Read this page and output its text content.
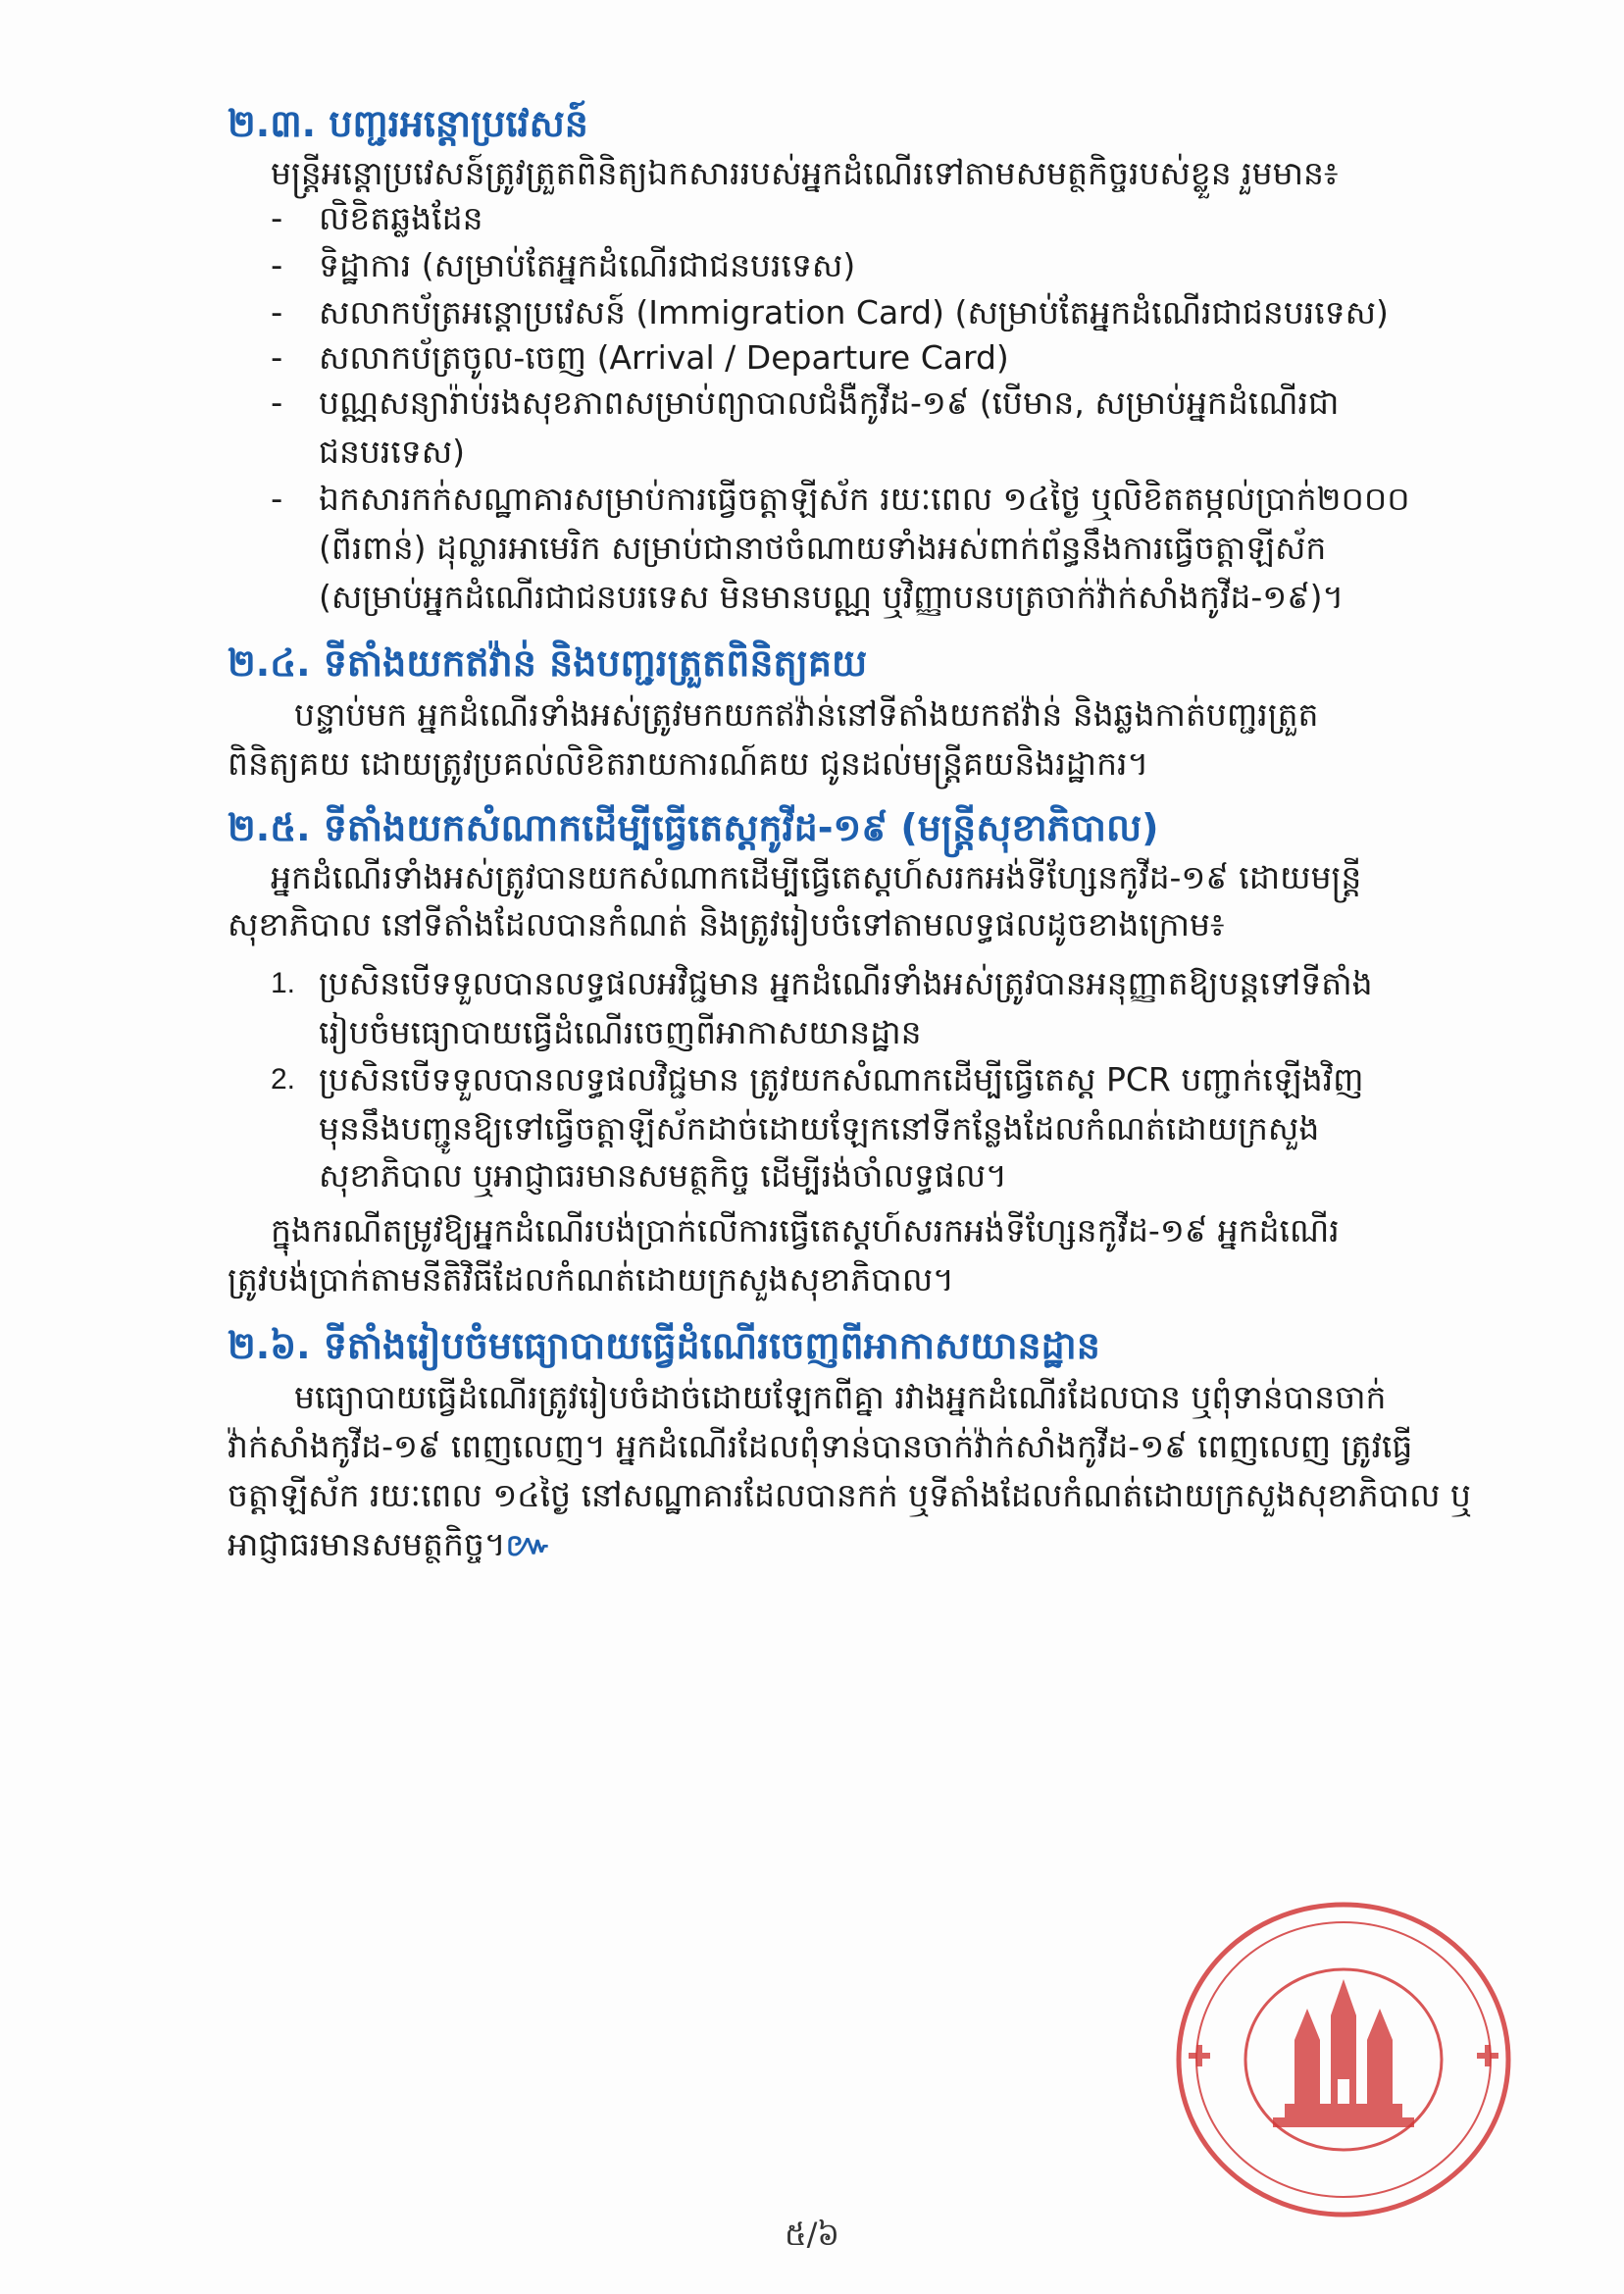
២.៣. បញ្ជរអន្តោប្រវេសន៍
មន្ត្រីអន្តោប្រវេសន៍ត្រូវត្រួតពិនិត្យឯកសាររបស់អ្នកដំណើរទៅតាមសមត្ថកិច្ចរបស់ខ្លួន រួមមាន៖
- លិខិតឆ្លងដែន
- ទិដ្ឋាការ (សម្រាប់តែអ្នកដំណើរជាជនបរទេស)
- សលាកប័ត្រអន្តោប្រវេសន៍ (Immigration Card) (សម្រាប់តែអ្នកដំណើរជាជនបរទេស)
- សលាកប័ត្រចូល-ចេញ (Arrival / Departure Card)
- បណ្ណសន្យារ៉ាប់រងសុខភាពសម្រាប់ព្យាបាលជំងឺកូវីដ-១៩ (បើមាន, សម្រាប់អ្នកដំណើរជា
ជនបរទេស)
- ឯកសារកក់សណ្ឋាគារសម្រាប់ការធ្វើចត្តាឡីស័ក រយៈពេល ១៤ថ្ងៃ ឬលិខិតតម្កល់ប្រាក់២០០០
(ពីរពាន់) ដុល្លារអាមេរិក សម្រាប់ជានាថចំណាយទាំងអស់ពាក់ព័ន្ធនឹងការធ្វើចត្តាឡីស័ក
(សម្រាប់អ្នកដំណើរជាជនបរទេស មិនមានបណ្ណ ឬវិញ្ញាបនបត្រចាក់វ៉ាក់សាំងកូវីដ-១៩)។
២.៤. ទីតាំងយកឥវ៉ាន់ និងបញ្ជរត្រួតពិនិត្យគយ
បន្ទាប់មក អ្នកដំណើរទាំងអស់ត្រូវមកយកឥវ៉ាន់នៅទីតាំងយកឥវ៉ាន់ និងឆ្លងកាត់បញ្ជរត្រួត
ពិនិត្យគយ ដោយត្រូវប្រគល់លិខិតរាយការណ៍គយ ជូនដល់មន្ត្រីគយនិងរដ្ឋាករ។
២.៥. ទីតាំងយកសំណាកដើម្បីធ្វើតេស្តកូវីដ-១៩ (មន្ត្រីសុខាភិបាល)
អ្នកដំណើរទាំងអស់ត្រូវបានយកសំណាកដើម្បីធ្វើតេស្តហ៍សរកអង់ទីហ្សែនកូវីដ-១៩ ដោយមន្ត្រី
សុខាភិបាល នៅទីតាំងដែលបានកំណត់ និងត្រូវរៀបចំទៅតាមលទ្ធផលដូចខាងក្រោម៖
1. ប្រសិនបើទទួលបានលទ្ធផលអវិជ្ជមាន អ្នកដំណើរទាំងអស់ត្រូវបានអនុញ្ញាតឱ្យបន្តទៅទីតាំង
រៀបចំមធ្យោបាយធ្វើដំណើរចេញពីអាកាសយានដ្ឋាន
2. ប្រសិនបើទទួលបានលទ្ធផលវិជ្ជមាន ត្រូវយកសំណាកដើម្បីធ្វើតេស្ត PCR បញ្ជាក់ឡើងវិញ
មុននឹងបញ្ជូនឱ្យទៅធ្វើចត្តាឡីស័កដាច់ដោយឡែកនៅទីកន្លែងដែលកំណត់ដោយក្រសួង
សុខាភិបាល ឬអាជ្ញាធរមានសមត្ថកិច្ច ដើម្បីរង់ចាំលទ្ធផល។
ក្នុងករណីតម្រូវឱ្យអ្នកដំណើរបង់ប្រាក់លើការធ្វើតេស្តហ៍សរកអង់ទីហ្សែនកូវីដ-១៩ អ្នកដំណើរ
ត្រូវបង់ប្រាក់តាមនីតិវិធីដែលកំណត់ដោយក្រសួងសុខាភិបាល។
២.៦. ទីតាំងរៀបចំមធ្យោបាយធ្វើដំណើរចេញពីអាកាសយានដ្ឋាន
មធ្យោបាយធ្វើដំណើរត្រូវរៀបចំដាច់ដោយឡែកពីគ្នា រវាងអ្នកដំណើរដែលបាន ឬពុំទាន់បានចាក់
វ៉ាក់សាំងកូវីដ-១៩ ពេញលេញ។ អ្នកដំណើរដែលពុំទាន់បានចាក់វ៉ាក់សាំងកូវីដ-១៩ ពេញលេញ ត្រូវធ្វើ
ចត្តាឡីស័ក រយៈពេល ១៤ថ្ងៃ នៅសណ្ឋាគារដែលបានកក់ ឬទីតាំងដែលកំណត់ដោយក្រសួងសុខាភិបាល ឬ
អាជ្ញាធរមានសមត្ថកិច្ច។៚
៥/៦
